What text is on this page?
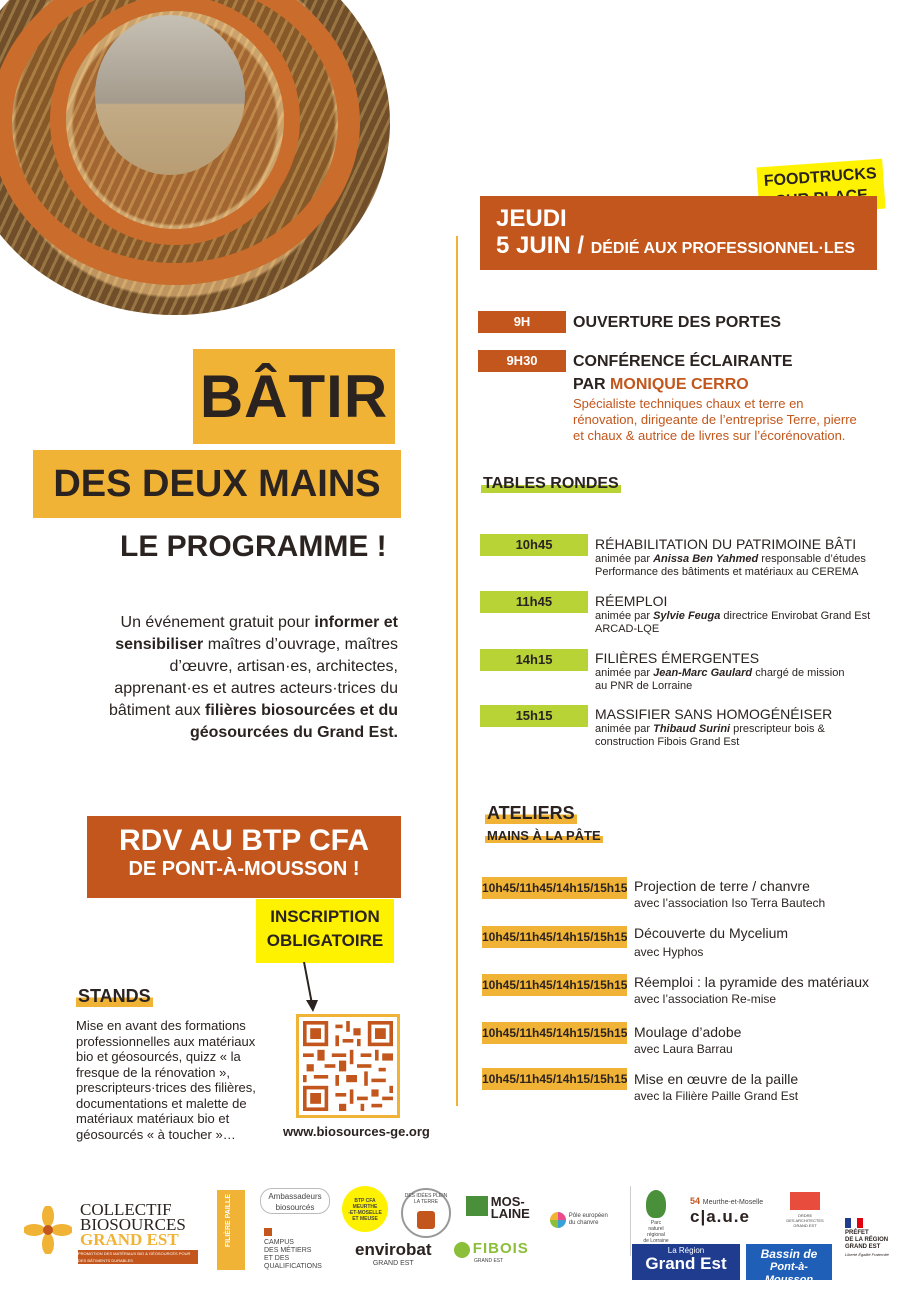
BÂTIR
DES DEUX MAINS
LE PROGRAMME !
Un événement gratuit pour informer et sensibiliser maîtres d’ouvrage, maîtres d’œuvre, artisan·es, architectes, apprenant·es et autres acteurs·trices du bâtiment aux filières biosourcées et du géosourcées du Grand Est.
RDV AU BTP CFA
DE PONT-À-MOUSSON !
INSCRIPTION
OBLIGATOIRE
STANDS
Mise en avant des formations professionnelles aux matériaux bio et géosourcés, quizz « la fresque de la rénovation », prescripteurs·trices des filières, documentations et malette de matériaux matériaux bio et géosourcés « à toucher »…	www.biosources-ge.org
FOODTRUCKS
JEUDI
5 JUIN / DÉDIÉ AUX PROFESSIONNEL·LES
9H	OUVERTURE DES PORTES
9H30	CONFÉRENCE ÉCLAIRANTE
PAR MONIQUE CERRO
Spécialiste techniques chaux et terre en rénovation, dirigeante de l’entreprise Terre, pierre et chaux & autrice de livres sur l’écorénovation.
TABLES RONDES
10h45	RÉHABILITATION DU PATRIMOINE BÂTI
animée par Anissa Ben Yahmed responsable d’études Performance des bâtiments et matériaux au CEREMA
11h45	RÉEMPLOI
animée par Sylvie Feuga directrice Envirobat Grand Est ARCAD-LQE
14h15	FILIÈRES ÉMERGENTES
animée par Jean-Marc Gaulard chargé de mission au PNR de Lorraine
15h15	MASSIFIER SANS HOMOGÉNÉISER
animée par Thibaud Surini prescripteur bois & construction Fibois Grand Est
ATELIERS
MAINS À LA PÂTE
10h45/11h45/14h15/15h15 Projection de terre / chanvre
avec l’association Iso Terra Bautech
10h45/11h45/14h15/15h15 Découverte du Mycelium
avec Hyphos
10h45/11h45/14h15/15h15 Réemploi : la pyramide des matériaux
avec l’association Re-mise
10h45/11h45/14h15/15h15 Moulage d’adobe
avec Laura Barrau
10h45/11h45/14h15/15h15 Mise en œuvre de la paille
avec la Filière Paille Grand Est
COLLECTIF
BIOSOURCES
GRAND EST
PROMOTION DES MATÉRIAUX BIO & GÉOSOURCÉS POUR DES BÂTIMENTS DURABLES
FILIÈRE PAILLE	Ambassadeurs
biosourcés
CAMPUS
DES MÉTIERS
ET DES
QUALIFICATIONS
BTP CFA
MEURTHE
-ET-MOSELLE
ET MEUSE
envirobat
GRAND EST
DES IDÉES PLEIN LA TERRE	MOS-
LAINE
FIBOIS
GRAND EST
Pôle européen
du chanvre	Parc
naturel
régional
de Lorraine
54 Meurthe-et-Moselle
c|a.u.e	ORDRE
DES ARCHITECTES
GRAND EST
PRÉFET
DE LA RÉGION
GRAND EST
Liberté Égalité Fraternité
La Région
Grand Est	Bassin de
Pont-à-Mousson
